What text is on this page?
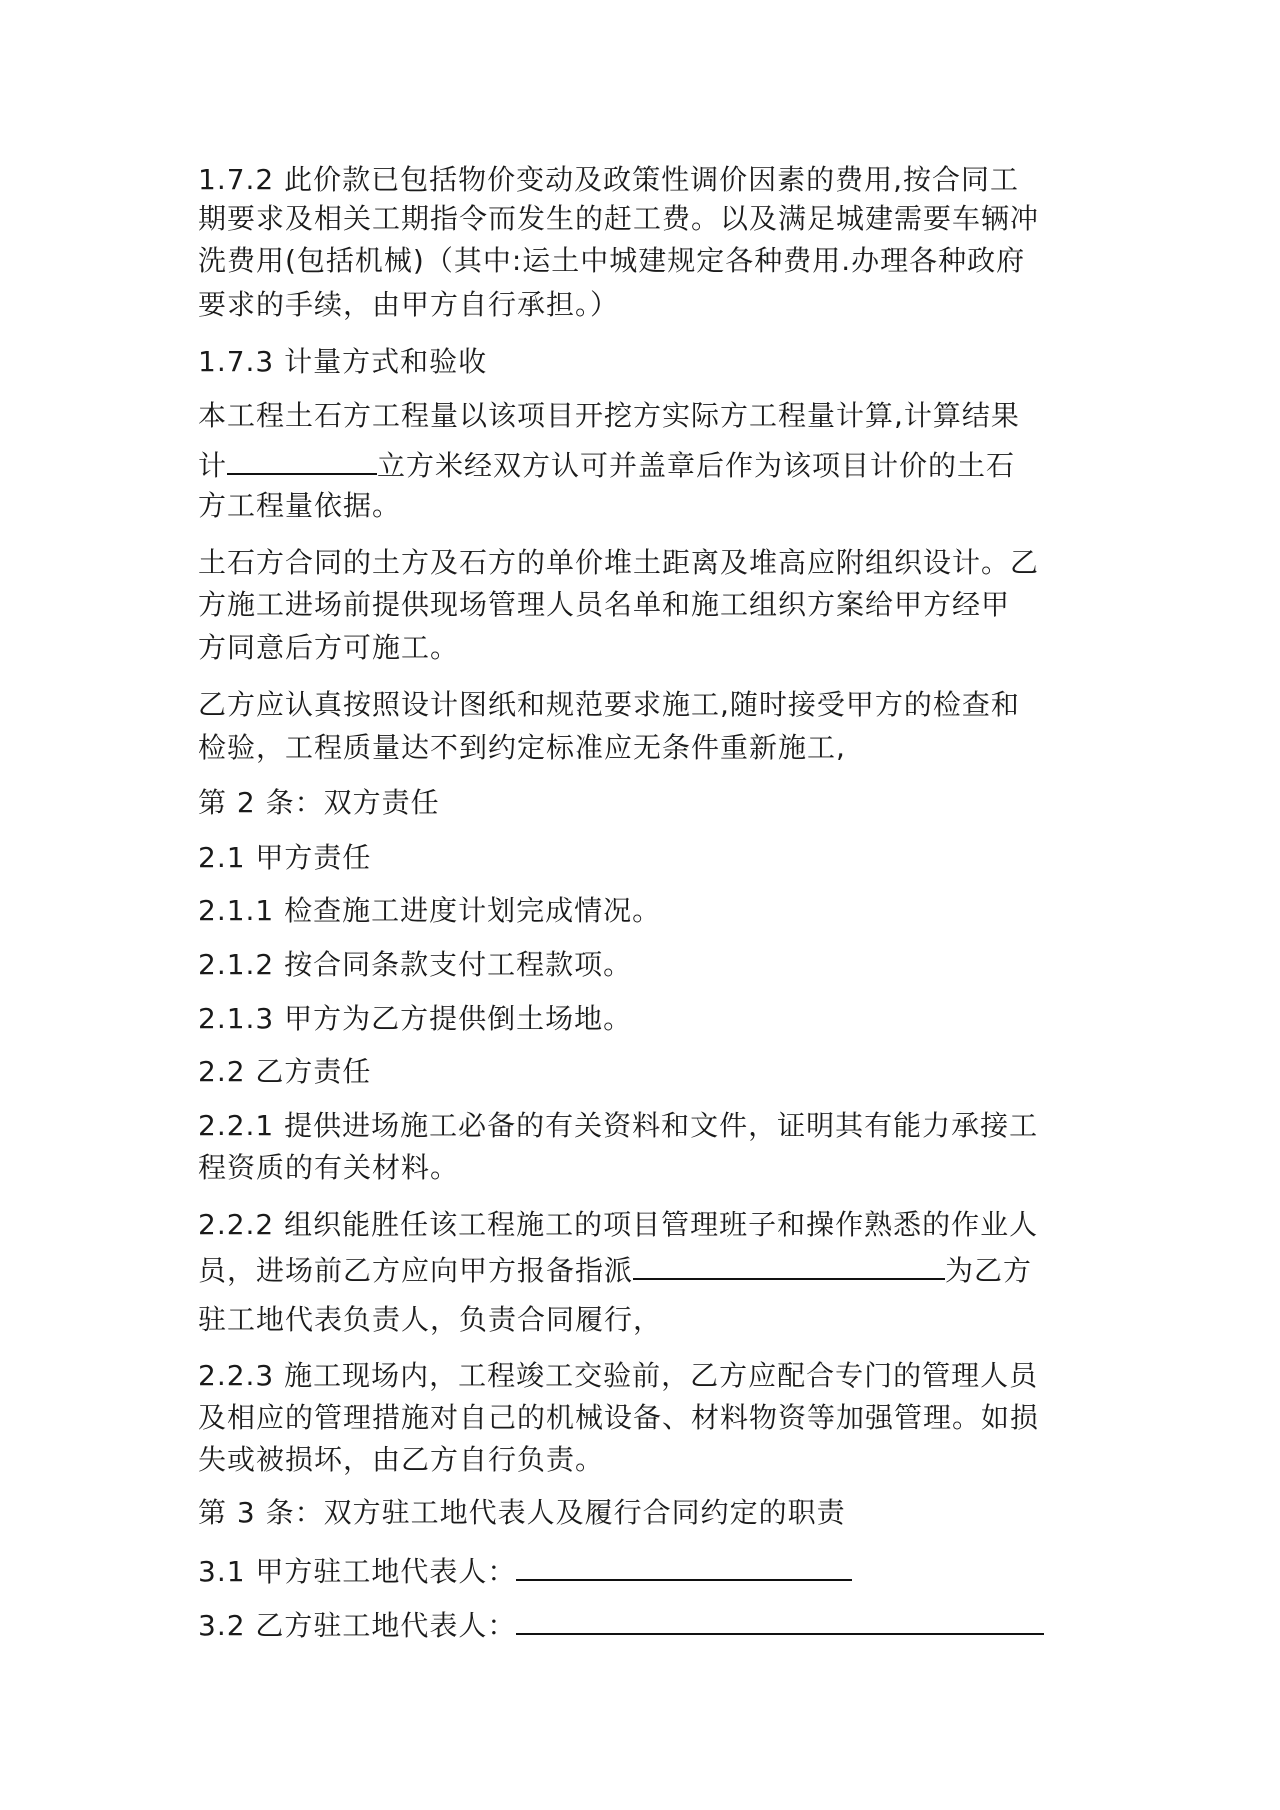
1.7.2 此价款已包括物价变动及政策性调价因素的费用,按合同工
期要求及相关工期指令而发生的赶工费。以及满足城建需要车辆冲
洗费用(包括机械)（其中:运土中城建规定各种费用.办理各种政府
要求的手续，由甲方自行承担。）
1.7.3 计量方式和验收
本工程土石方工程量以该项目开挖方实际方工程量计算,计算结果
计	立方米经双方认可并盖章后作为该项目计价的土石
方工程量依据。
土石方合同的土方及石方的单价堆土距离及堆高应附组织设计。乙
方施工进场前提供现场管理人员名单和施工组织方案给甲方经甲
方同意后方可施工。
乙方应认真按照设计图纸和规范要求施工,随时接受甲方的检查和
检验，工程质量达不到约定标准应无条件重新施工,
第 2 条：双方责任
2.1 甲方责任
2.1.1 检查施工进度计划完成情况。
2.1.2 按合同条款支付工程款项。
2.1.3 甲方为乙方提供倒土场地。
2.2 乙方责任
2.2.1 提供进场施工必备的有关资料和文件，证明其有能力承接工
程资质的有关材料。
2.2.2 组织能胜任该工程施工的项目管理班子和操作熟悉的作业人
员，进场前乙方应向甲方报备指派	为乙方
驻工地代表负责人，负责合同履行，
2.2.3 施工现场内，工程竣工交验前，乙方应配合专门的管理人员
及相应的管理措施对自己的机械设备、材料物资等加强管理。如损
失或被损坏，由乙方自行负责。
第 3 条：双方驻工地代表人及履行合同约定的职责
3.1 甲方驻工地代表人：
3.2 乙方驻工地代表人：	简用合同
源文件下载无水印
